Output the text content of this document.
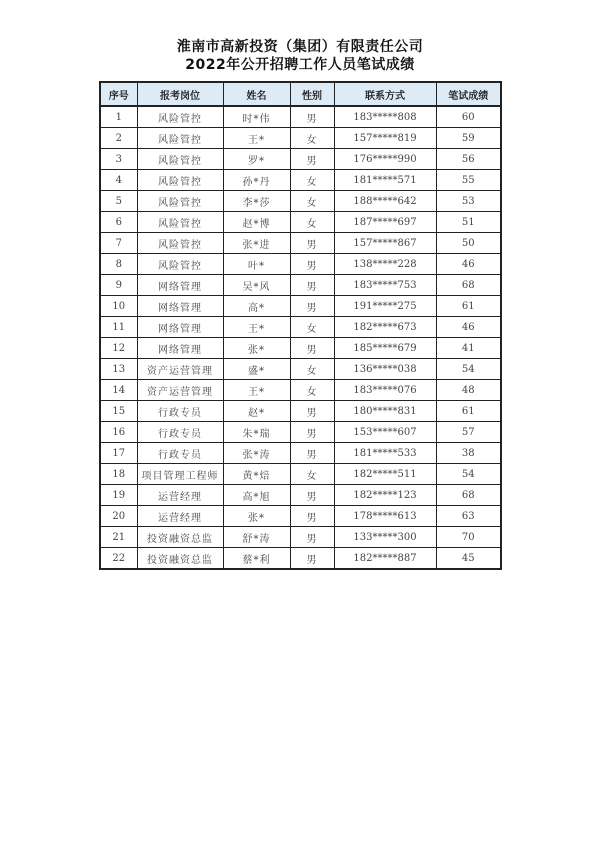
淮南市高新投资（集团）有限责任公司
2022年公开招聘工作人员笔试成绩
序号	报考岗位	姓名	性别	联系方式	笔试成绩
1	风险管控	时*伟	男	183*****808	60
2	风险管控	王*	女	157*****819	59
3	风险管控	罗*	男	176*****990	56
4	风险管控	孙*丹	女	181*****571	55
5	风险管控	李*莎	女	188*****642	53
6	风险管控	赵*博	女	187*****697	51
7	风险管控	张*进	男	157*****867	50
8	风险管控	叶*	男	138*****228	46
9	网络管理	吴*风	男	183*****753	68
10	网络管理	高*	男	191*****275	61
11	网络管理	王*	女	182*****673	46
12	网络管理	张*	男	185*****679	41
13	资产运营管理	盛*	女	136*****038	54
14	资产运营管理	王*	女	183*****076	48
15	行政专员	赵*	男	180*****831	61
16	行政专员	朱*瑞	男	153*****607	57
17	行政专员	张*涛	男	181*****533	38
18	项目管理工程师	黄*焙	女	182*****511	54
19	运营经理	高*旭	男	182*****123	68
20	运营经理	张*	男	178*****613	63
21	投资融资总监	舒*涛	男	133*****300	70
22	投资融资总监	蔡*利	男	182*****887	45
